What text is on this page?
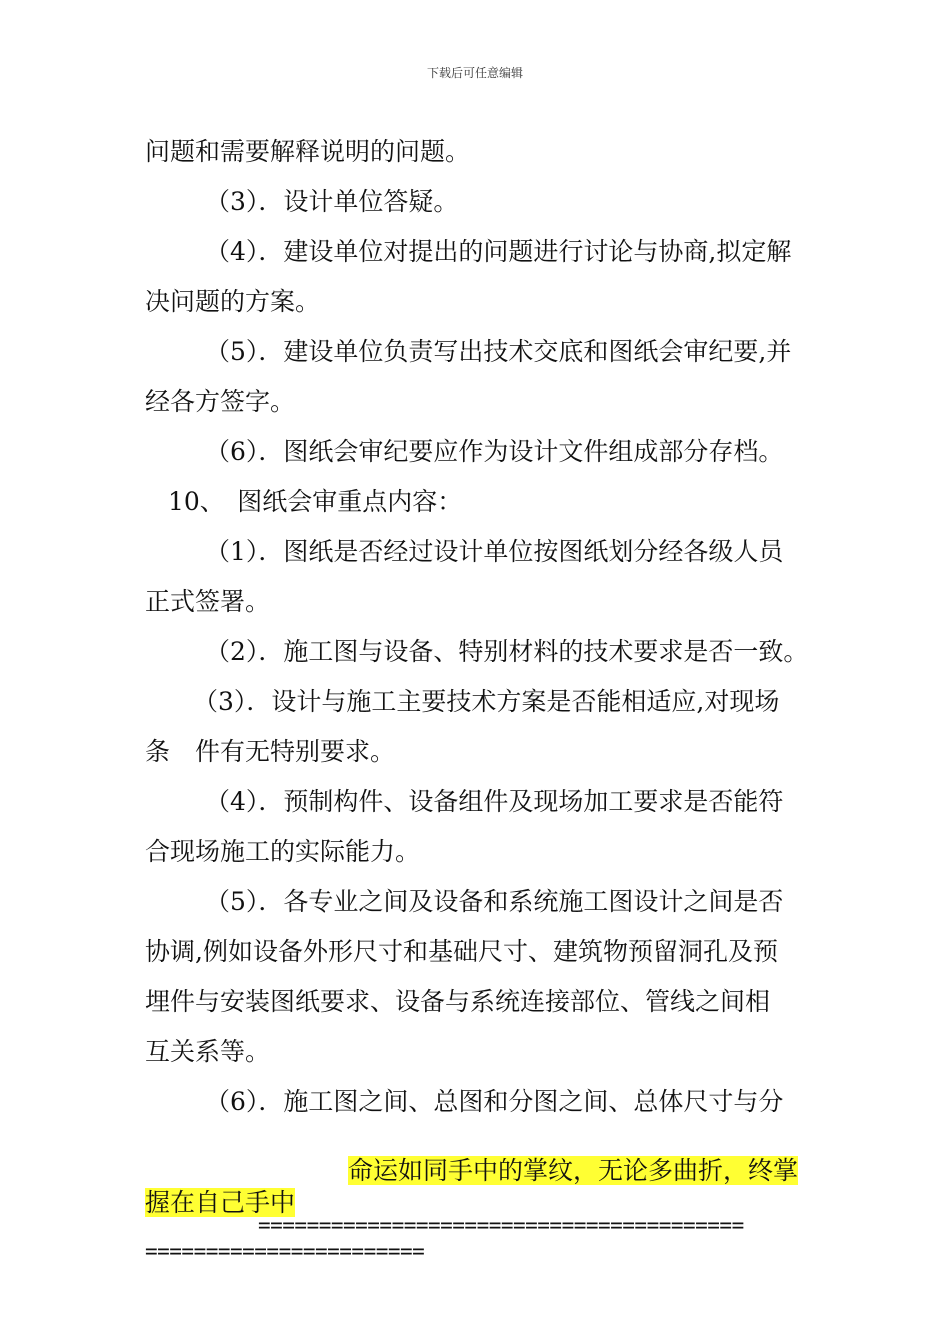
下载后可任意编辑
问题和需要解释说明的问题。
（3）．设计单位答疑。
（4）．建设单位对提出的问题进行讨论与协商,拟定解
决问题的方案。
（5）．建设单位负责写出技术交底和图纸会审纪要,并
经各方签字。
（6）．图纸会审纪要应作为设计文件组成部分存档。
10、　图纸会审重点内容：
（1）．图纸是否经过设计单位按图纸划分经各级人员
正式签署。
（2）．施工图与设备、特别材料的技术要求是否一致。
（3）．设计与施工主要技术方案是否能相适应,对现场
条　件有无特别要求。
（4）．预制构件、设备组件及现场加工要求是否能符
合现场施工的实际能力。
（5）．各专业之间及设备和系统施工图设计之间是否
协调,例如设备外形尺寸和基础尺寸、建筑物预留洞孔及预
埋件与安装图纸要求、设备与系统连接部位、管线之间相
互关系等。
（6）．施工图之间、总图和分图之间、总体尺寸与分
命运如同手中的掌纹，无论多曲折，终掌握在自己手中
========================================
=======================
